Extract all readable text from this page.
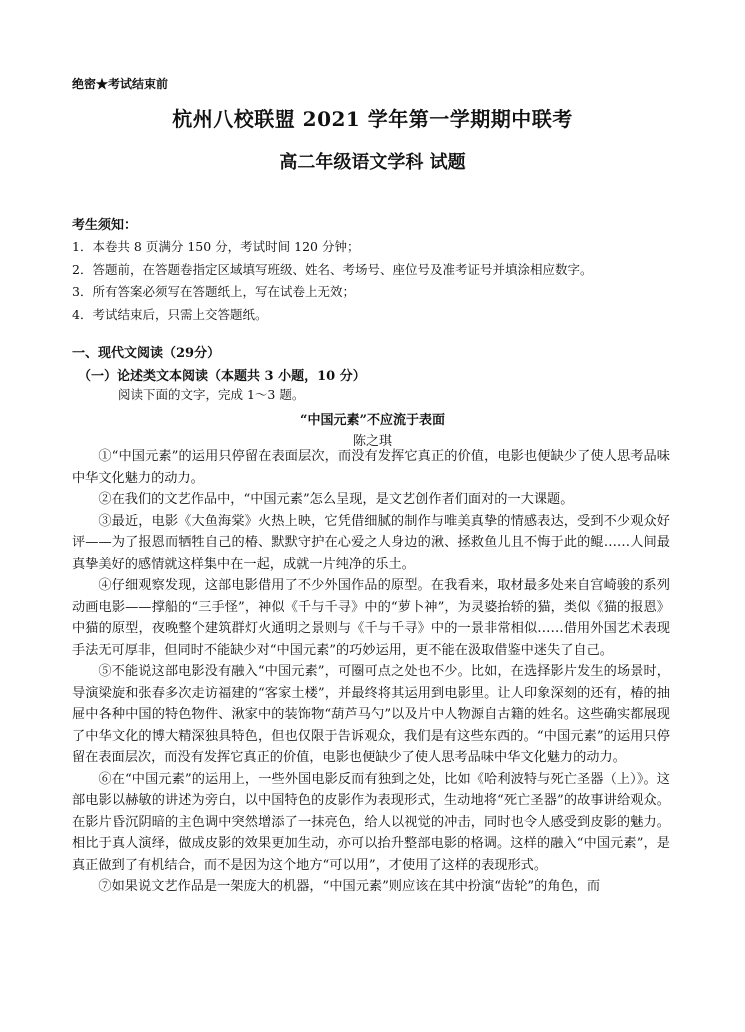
绝密★考试结束前
杭州八校联盟 2021 学年第一学期期中联考
高二年级语文学科 试题
考生须知：
1．本卷共 8 页满分 150 分，考试时间 120 分钟；
2．答题前，在答题卷指定区域填写班级、姓名、考场号、座位号及准考证号并填涂相应数字。
3．所有答案必须写在答题纸上，写在试卷上无效；
4．考试结束后，只需上交答题纸。
一、现代文阅读（29分）
（一）论述类文本阅读（本题共 3 小题，10 分）
阅读下面的文字，完成 1～3 题。
“中国元素”不应流于表面
陈之琪

①“中国元素”的运用只停留在表面层次，而没有发挥它真正的价值，电影也便缺少了使人思考品味中华文化魅力的动力。

②在我们的文艺作品中，“中国元素”怎么呈现，是文艺创作者们面对的一大课题。

③最近，电影《大鱼海棠》火热上映，它凭借细腻的制作与唯美真挚的情感表达，受到不少观众好评——为了报恩而牺牲自己的椿、默默守护在心爱之人身边的湫、拯救鱼儿且不悔于此的鲲……人间最真挚美好的感情就这样集中在一起，成就一片纯净的乐土。

④仔细观察发现，这部电影借用了不少外国作品的原型。在我看来，取材最多处来自宫崎骏的系列动画电影——撑船的“三手怪”，神似《千与千寻》中的“萝卜神”，为灵婆抬轿的猫，类似《猫的报恩》中猫的原型，夜晚整个建筑群灯火通明之景则与《千与千寻》中的一景非常相似……借用外国艺术表现手法无可厚非，但同时不能缺少对“中国元素”的巧妙运用，更不能在汲取借鉴中迷失了自己。

⑤不能说这部电影没有融入“中国元素”，可圈可点之处也不少。比如，在选择影片发生的场景时，导演梁旋和张春多次走访福建的“客家土楼”，并最终将其运用到电影里。让人印象深刻的还有，椿的抽屉中各种中国的特色物件、湫家中的装饰物“葫芦马勺”以及片中人物源自古籍的姓名。这些确实都展现了中华文化的博大精深独具特色，但也仅限于告诉观众，我们是有这些东西的。“中国元素”的运用只停留在表面层次，而没有发挥它真正的价值，电影也便缺少了使人思考品味中华文化魅力的动力。

⑥在“中国元素”的运用上，一些外国电影反而有独到之处，比如《哈利波特与死亡圣器（上）》。这部电影以赫敏的讲述为旁白，以中国特色的皮影作为表现形式，生动地将“死亡圣器”的故事讲给观众。在影片昏沉阴暗的主色调中突然增添了一抹亮色，给人以视觉的冲击，同时也令人感受到皮影的魅力。相比于真人演绎，做成皮影的效果更加生动，亦可以抬升整部电影的格调。这样的融入“中国元素”，是真正做到了有机结合，而不是因为这个地方“可以用”，才使用了这样的表现形式。

⑦如果说文艺作品是一架庞大的机器，“中国元素”则应该在其中扮演“齿轮”的角色，而
